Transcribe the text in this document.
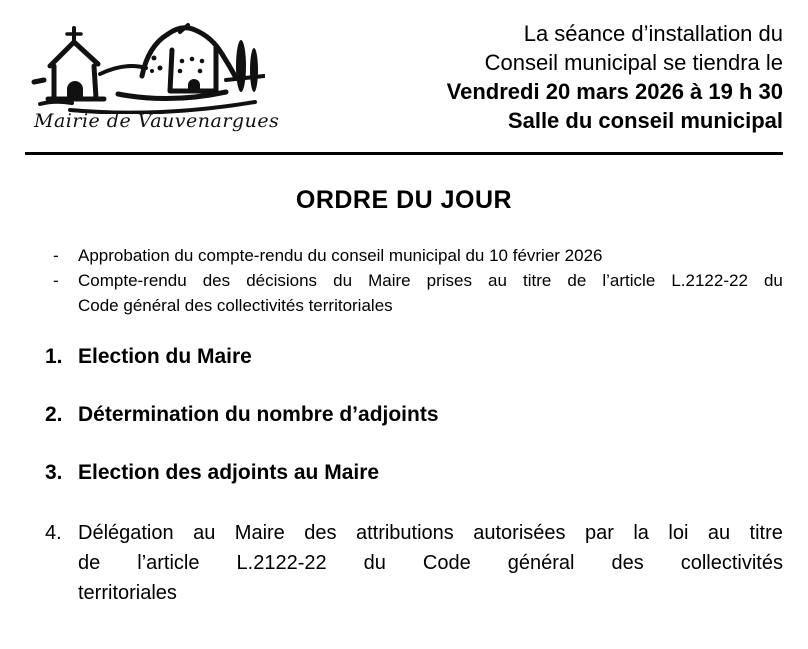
Mairie de Vauvenargues
La séance d’installation du
Conseil municipal se tiendra le
Vendredi 20 mars 2026 à 19 h 30
Salle du conseil municipal
ORDRE DU JOUR
-	Approbation du compte-rendu du conseil municipal du 10 février 2026
-	Compte-rendu des décisions du Maire prises au titre de l’article L.2122-22 du
Code général des collectivités territoriales
1. Election du Maire
2. Détermination du nombre d’adjoints
3. Election des adjoints au Maire
4. Délégation au Maire des attributions autorisées par la loi au titre
de l’article L.2122-22 du Code général des collectivités
territoriales
